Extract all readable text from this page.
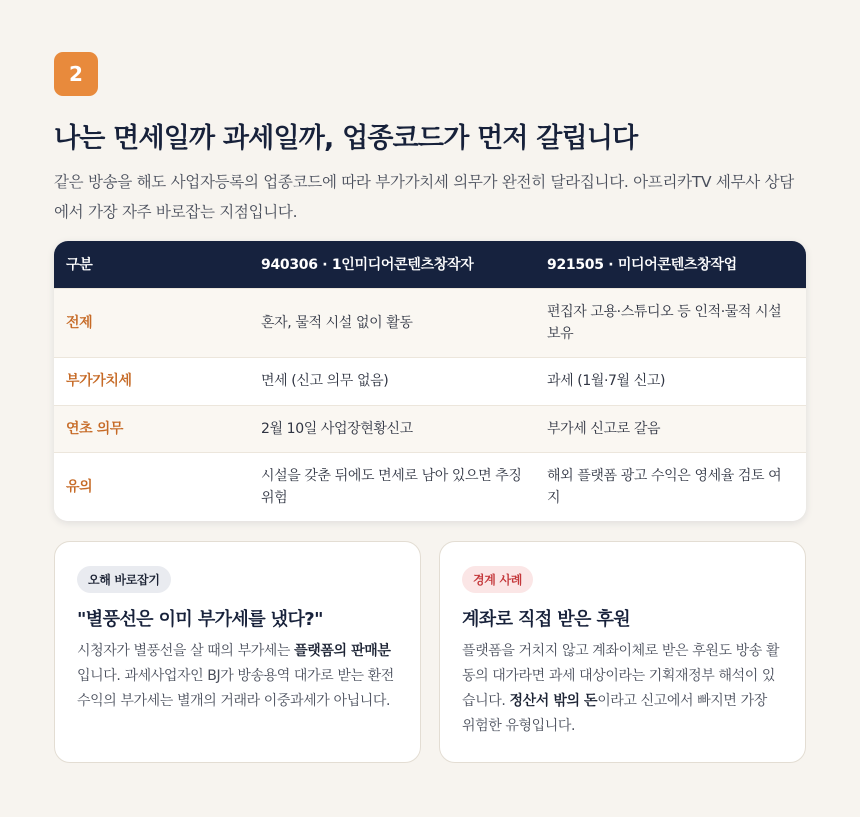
2
나는 면세일까 과세일까, 업종코드가 먼저 갈립니다

같은 방송을 해도 사업자등록의 업종코드에 따라 부가가치세 의무가 완전히 달라집니다. 아프리카TV 세무사 상담에서 가장 자주 바로잡는 지점입니다.

구분	940306 · 1인미디어콘텐츠창작자	921505 · 미디어콘텐츠창작업
전제	혼자, 물적 시설 없이 활동	편집자 고용·스튜디오 등 인적·물적 시설 보유
부가가치세	면세 (신고 의무 없음)	과세 (1월·7월 신고)
연초 의무	2월 10일 사업장현황신고	부가세 신고로 갈음
유의	시설을 갖춘 뒤에도 면세로 남아 있으면 추징 위험	해외 플랫폼 광고 수익은 영세율 검토 여지
오해 바로잡기
"별풍선은 이미 부가세를 냈다?"

시청자가 별풍선을 살 때의 부가세는 플랫폼의 판매분입니다. 과세사업자인 BJ가 방송용역 대가로 받는 환전 수익의 부가세는 별개의 거래라 이중과세가 아닙니다.

경계 사례
계좌로 직접 받은 후원

플랫폼을 거치지 않고 계좌이체로 받은 후원도 방송 활동의 대가라면 과세 대상이라는 기획재정부 해석이 있습니다. 정산서 밖의 돈이라고 신고에서 빠지면 가장 위험한 유형입니다.
